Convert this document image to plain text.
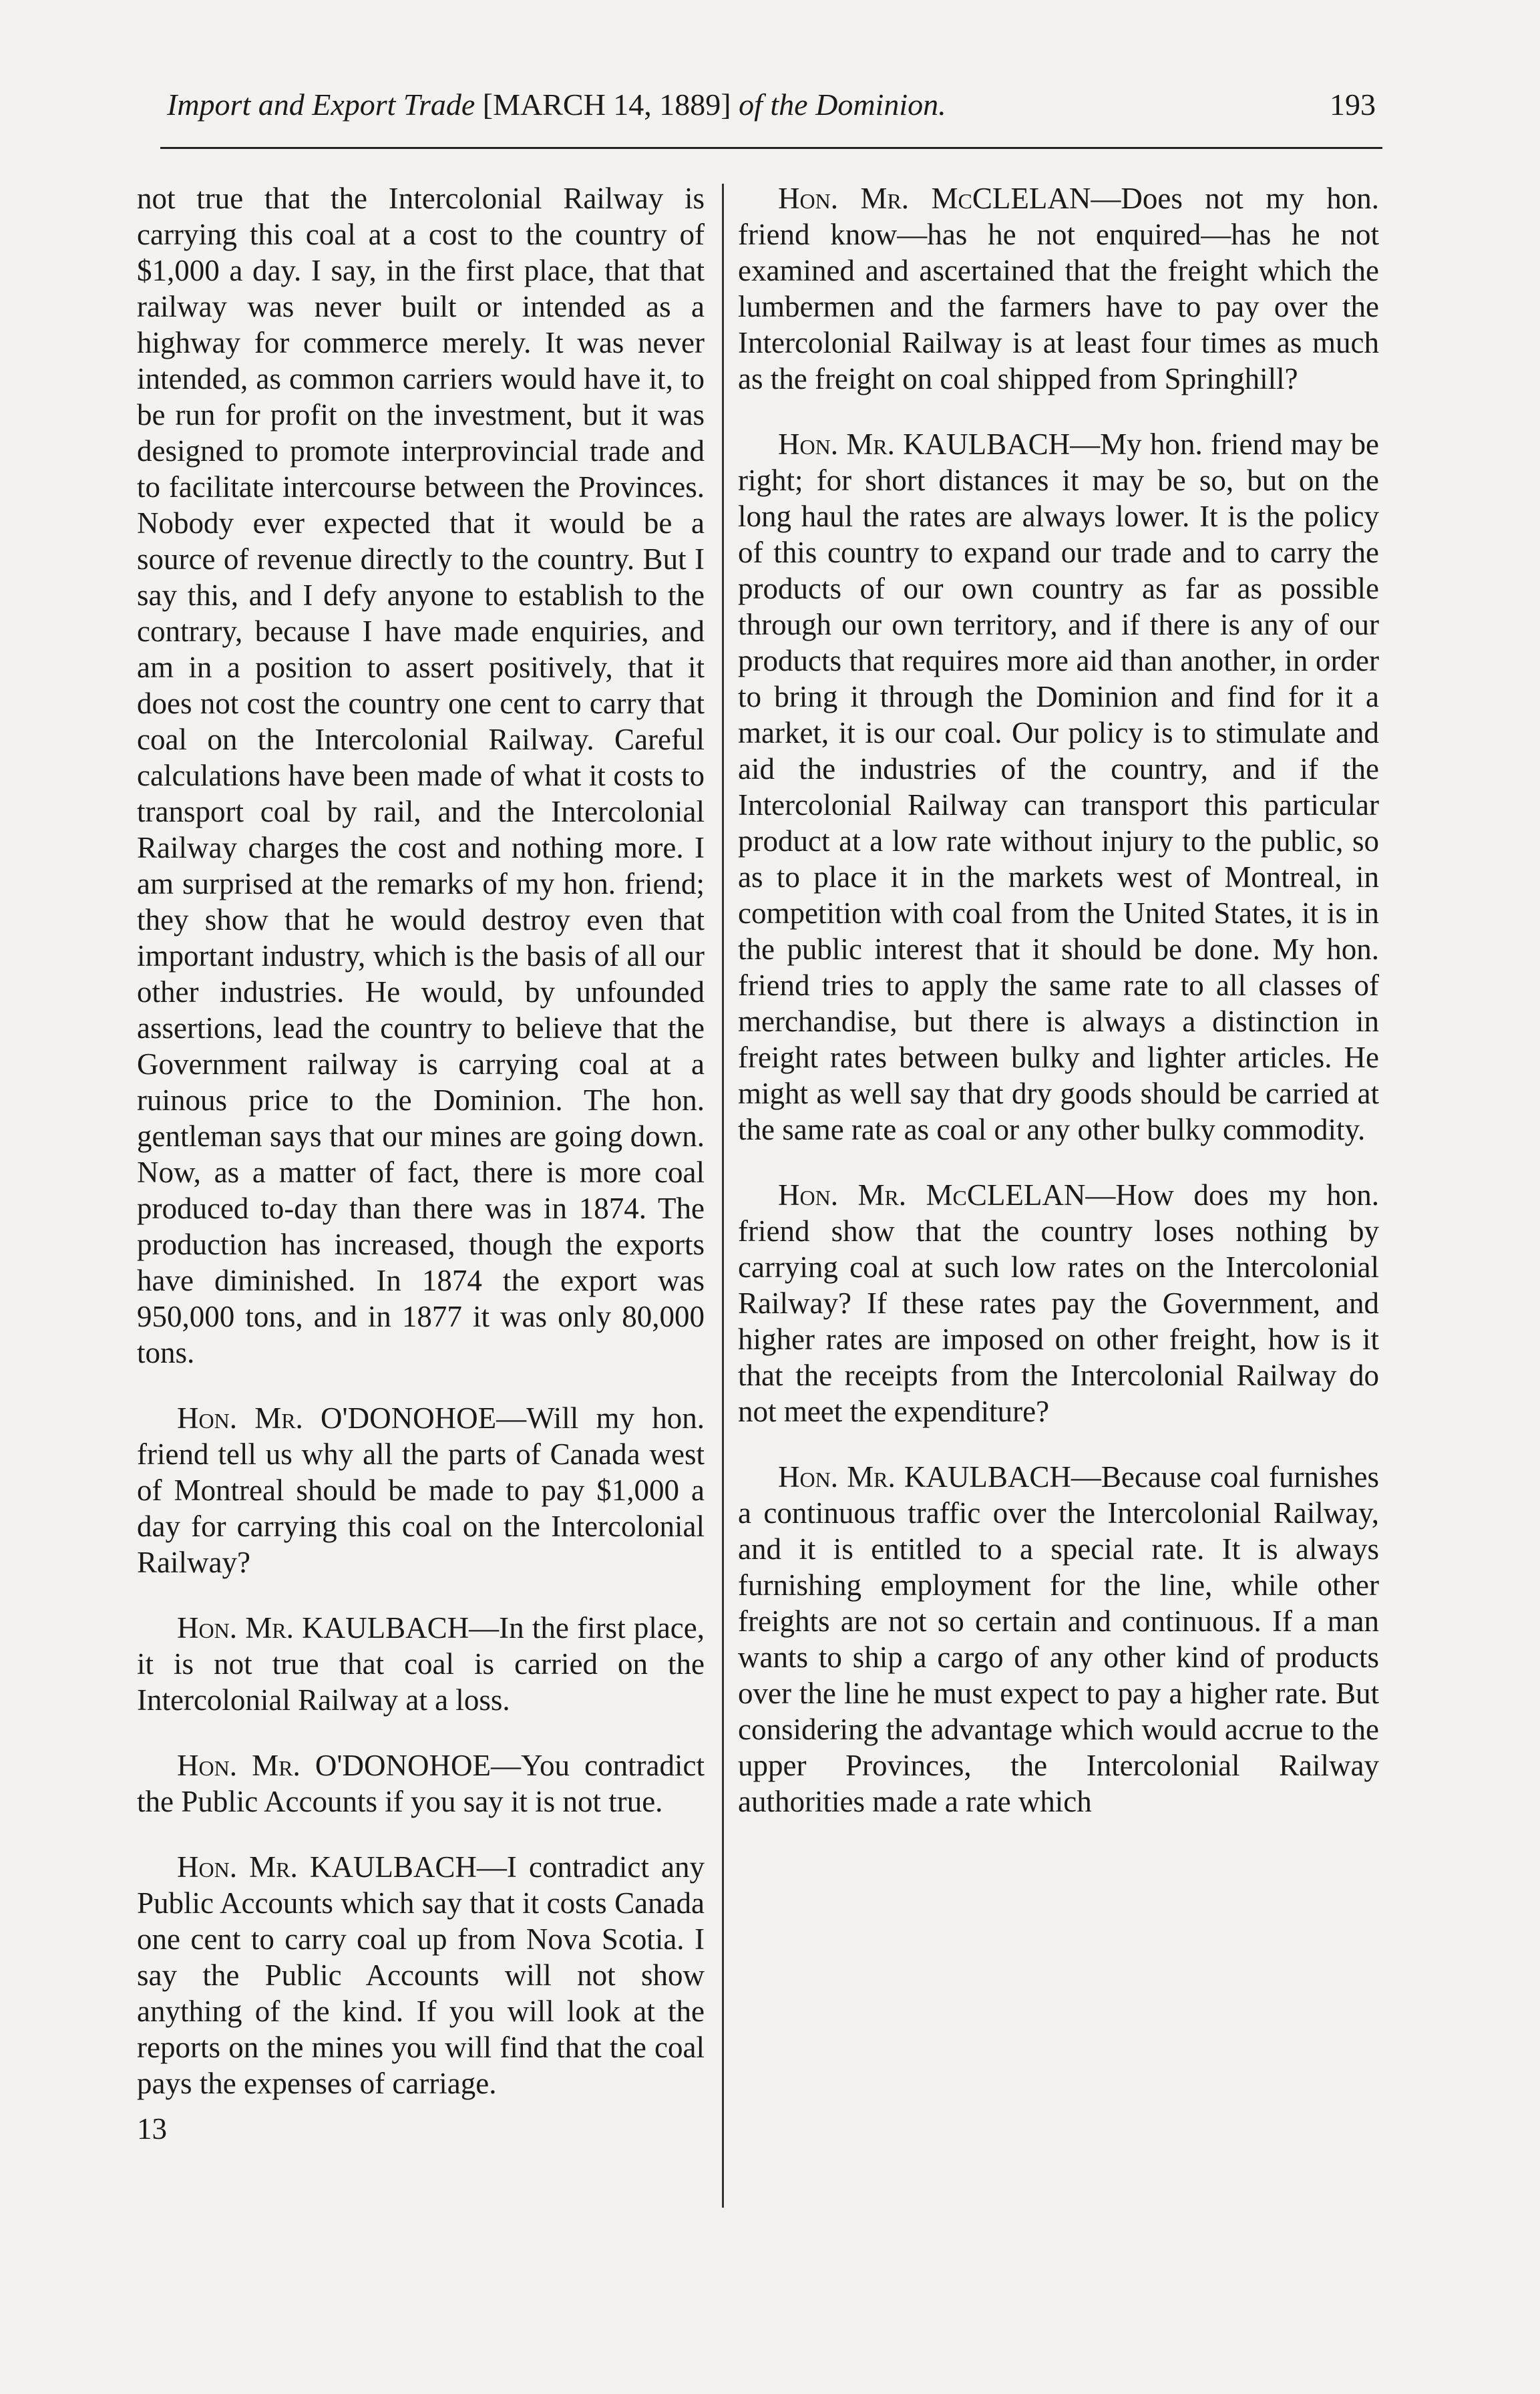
Import and Export Trade [MARCH 14, 1889] of the Dominion.	193

not true that the Intercolonial Railway is carrying this coal at a cost to the country of $1,000 a day. I say, in the first place, that that railway was never built or intended as a highway for commerce merely. It was never intended, as common carriers would have it, to be run for profit on the investment, but it was designed to promote interprovincial trade and to facilitate intercourse between the Provinces. Nobody ever expected that it would be a source of revenue directly to the country. But I say this, and I defy anyone to establish to the contrary, because I have made enquiries, and am in a position to assert positively, that it does not cost the country one cent to carry that coal on the Intercolonial Railway. Careful calculations have been made of what it costs to transport coal by rail, and the Intercolonial Railway charges the cost and nothing more. I am surprised at the remarks of my hon. friend; they show that he would destroy even that important industry, which is the basis of all our other industries. He would, by unfounded assertions, lead the country to believe that the Government railway is carrying coal at a ruinous price to the Dominion. The hon. gentleman says that our mines are going down. Now, as a matter of fact, there is more coal produced to-day than there was in 1874. The production has increased, though the exports have diminished. In 1874 the export was 950,000 tons, and in 1877 it was only 80,000 tons.

Hon. Mr. O'DONOHOE—Will my hon. friend tell us why all the parts of Canada west of Montreal should be made to pay $1,000 a day for carrying this coal on the Intercolonial Railway?

Hon. Mr. KAULBACH—In the first place, it is not true that coal is carried on the Intercolonial Railway at a loss.

Hon. Mr. O'DONOHOE—You contradict the Public Accounts if you say it is not true.

Hon. Mr. KAULBACH—I contradict any Public Accounts which say that it costs Canada one cent to carry coal up from Nova Scotia. I say the Public Accounts will not show anything of the kind. If you will look at the reports on the mines you will find that the coal pays the expenses of carriage.

13

Hon. Mr. McCLELAN—Does not my hon. friend know—has he not enquired—has he not examined and ascertained that the freight which the lumbermen and the farmers have to pay over the Intercolonial Railway is at least four times as much as the freight on coal shipped from Springhill?

Hon. Mr. KAULBACH—My hon. friend may be right; for short distances it may be so, but on the long haul the rates are always lower. It is the policy of this country to expand our trade and to carry the products of our own country as far as possible through our own territory, and if there is any of our products that requires more aid than another, in order to bring it through the Dominion and find for it a market, it is our coal. Our policy is to stimulate and aid the industries of the country, and if the Intercolonial Railway can transport this particular product at a low rate without injury to the public, so as to place it in the markets west of Montreal, in competition with coal from the United States, it is in the public interest that it should be done. My hon. friend tries to apply the same rate to all classes of merchandise, but there is always a distinction in freight rates between bulky and lighter articles. He might as well say that dry goods should be carried at the same rate as coal or any other bulky commodity.

Hon. Mr. McCLELAN—How does my hon. friend show that the country loses nothing by carrying coal at such low rates on the Intercolonial Railway? If these rates pay the Government, and higher rates are imposed on other freight, how is it that the receipts from the Intercolonial Railway do not meet the expenditure?

Hon. Mr. KAULBACH—Because coal furnishes a continuous traffic over the Intercolonial Railway, and it is entitled to a special rate. It is always furnishing employment for the line, while other freights are not so certain and continuous. If a man wants to ship a cargo of any other kind of products over the line he must expect to pay a higher rate. But considering the advantage which would accrue to the upper Provinces, the Intercolonial Railway authorities made a rate which
